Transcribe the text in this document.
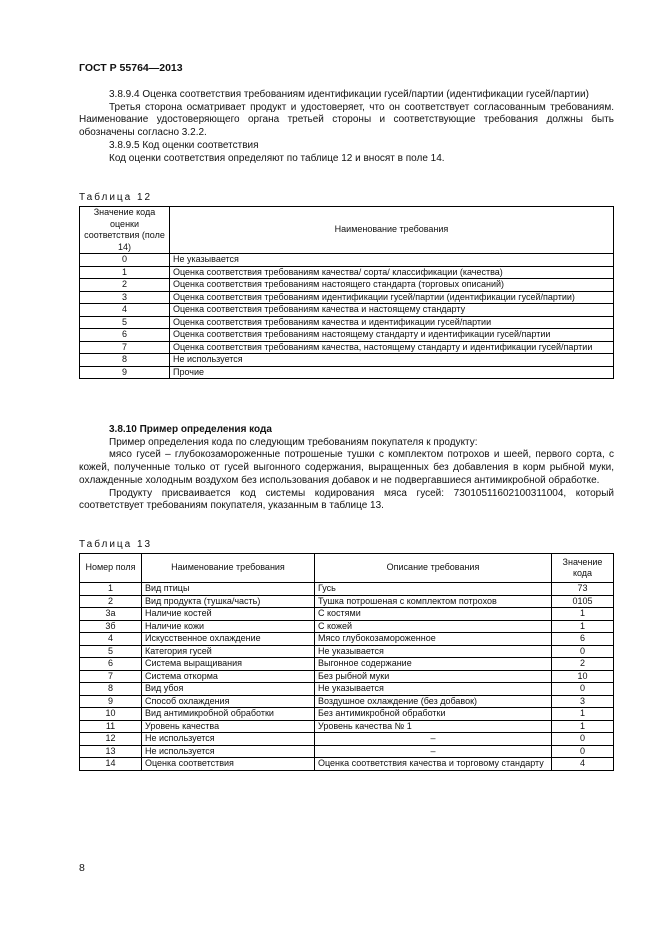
ГОСТ Р 55764—2013

3.8.9.4 Оценка соответствия требованиям идентификации гусей/партии (идентификации гусей/партии)

Третья сторона осматривает продукт и удостоверяет, что он соответствует согласованным требованиям. Наименование удостоверяющего органа третьей стороны и соответствующие требования должны быть обозначены согласно 3.2.2.

3.8.9.5 Код оценки соответствия

Код оценки соответствия определяют по таблице 12 и вносят в поле 14.

Таблица 12
Значение кода оценки соответствия (поле 14)	Наименование требования
0	Не указывается
1	Оценка соответствия требованиям качества/ сорта/ классификации (качества)
2	Оценка соответствия требованиям настоящего стандарта (торговых описаний)
3	Оценка соответствия требованиям идентификации гусей/партии (идентификации гусей/партии)
4	Оценка соответствия требованиям качества и настоящему стандарту
5	Оценка соответствия требованиям качества и идентификации гусей/партии
6	Оценка соответствия требованиям настоящему стандарту и идентификации гусей/партии
7	Оценка соответствия требованиям качества, настоящему стандарту и идентификации гусей/партии
8	Не используется
9	Прочие

3.8.10 Пример определения кода

Пример определения кода по следующим требованиям покупателя к продукту:

мясо гусей – глубокозамороженные потрошеные тушки с комплектом потрохов и шеей, первого сорта, с кожей, полученные только от гусей выгонного содержания, выращенных без добавления в корм рыбной муки, охлажденные холодным воздухом без использования добавок и не подвергавшиеся антимикробной обработке.

Продукту присваивается код системы кодирования мяса гусей: 73010511602100311004, который соответствует требованиям покупателя, указанным в таблице 13.

Таблица 13
Номер поля	Наименование требования	Описание требования	Значение кода
1	Вид птицы	Гусь	73
2	Вид продукта (тушка/часть)	Тушка потрошеная с комплектом потрохов	0105
3а	Наличие костей	С костями	1
3б	Наличие кожи	С кожей	1
4	Искусственное охлаждение	Мясо глубокозамороженное	6
5	Категория гусей	Не указывается	0
6	Система выращивания	Выгонное содержание	2
7	Система откорма	Без рыбной муки	10
8	Вид убоя	Не указывается	0
9	Способ охлаждения	Воздушное охлаждение (без добавок)	3
10	Вид антимикробной обработки	Без антимикробной обработки	1
11	Уровень качества	Уровень качества № 1	1
12	Не используется	–	0
13	Не используется	–	0
14	Оценка соответствия	Оценка соответствия качества и торговому стандарту	4
8
